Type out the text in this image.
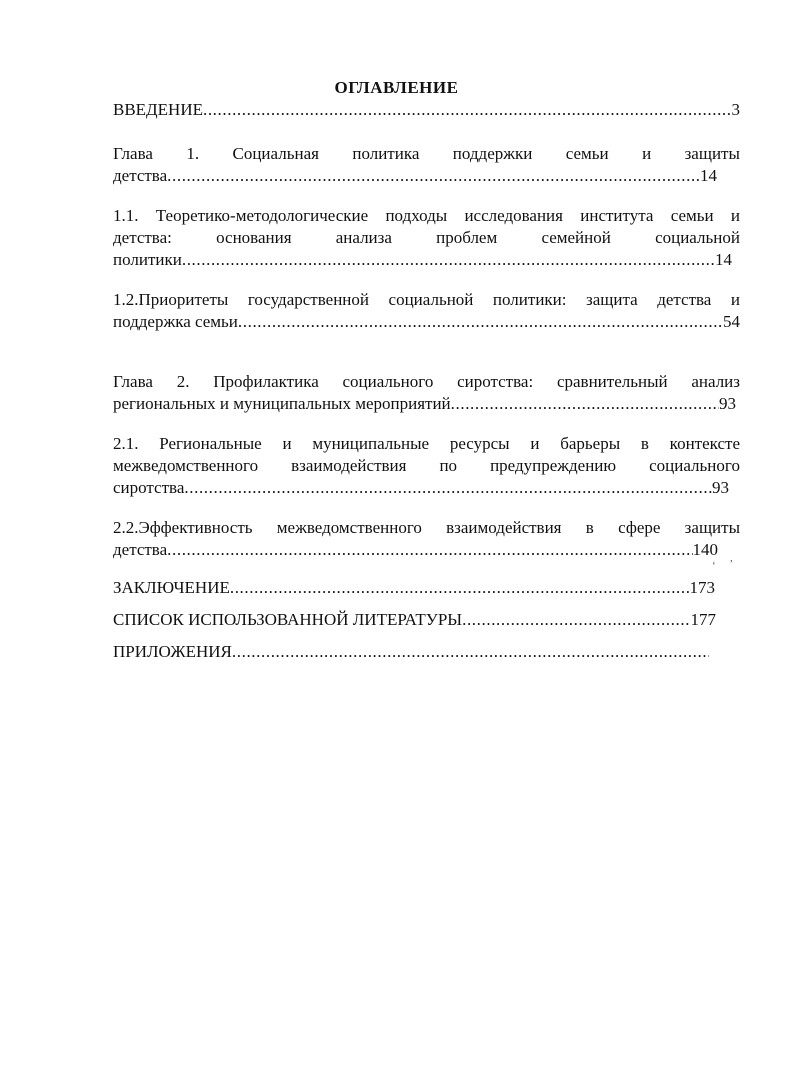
ОГЛАВЛЕНИЕ
ВВЕДЕНИЕ .....	3
Глава 1. Социальная политика поддержки семьи и защиты
детства .....	14
1.1. Теоретико-методологические подходы исследования института семьи и
детства:	основания	анализа	проблем	семейной	социальной
политики .....	14
1.2.Приоритеты государственной социальной политики: защита детства и
поддержка семьи .....	54
Глава 2. Профилактика социального сиротства: сравнительный анализ
региональных и муниципальных мероприятий .....	93
2.1. Региональные и муниципальные ресурсы и барьеры в контексте
межведомственного взаимодействия по предупреждению социального
сиротства .....	93
2.2.Эффективность межведомственного взаимодействия в сфере защиты
детства .....	140
‘
,
ЗАКЛЮЧЕНИЕ .....	173
СПИСОК ИСПОЛЬЗОВАННОЙ ЛИТЕРАТУРЫ .....	177
ПРИЛОЖЕНИЯ
.....
